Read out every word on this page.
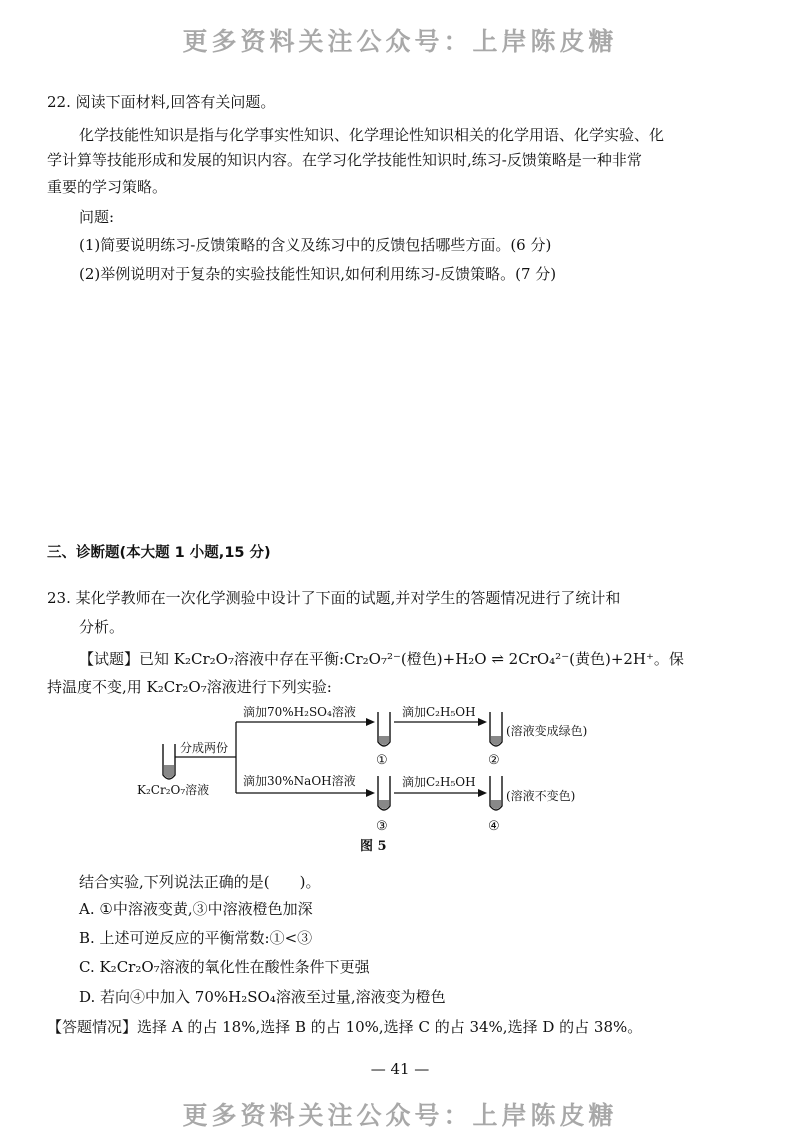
更多资料关注公众号：上岸陈皮糖
22. 阅读下面材料,回答有关问题。
化学技能性知识是指与化学事实性知识、化学理论性知识相关的化学用语、化学实验、化
学计算等技能形成和发展的知识内容。在学习化学技能性知识时,练习-反馈策略是一种非常
重要的学习策略。
问题:
(1)简要说明练习-反馈策略的含义及练习中的反馈包括哪些方面。(6 分)
(2)举例说明对于复杂的实验技能性知识,如何利用练习-反馈策略。(7 分)
三、诊断题(本大题 1 小题,15 分)
23. 某化学教师在一次化学测验中设计了下面的试题,并对学生的答题情况进行了统计和
分析。
【试题】已知 K₂Cr₂O₇溶液中存在平衡:Cr₂O₇²⁻(橙色)+H₂O ⇌ 2CrO₄²⁻(黄色)+2H⁺。保
持温度不变,用 K₂Cr₂O₇溶液进行下列实验:
K₂Cr₂O₇溶液
分成两份
滴加70%H₂SO₄溶液
①
滴加C₂H₅OH
②
(溶液变成绿色)
滴加30%NaOH溶液
③
滴加C₂H₅OH
④
(溶液不变色)
图 5
结合实验,下列说法正确的是(　　)。
A. ①中溶液变黄,③中溶液橙色加深
B. 上述可逆反应的平衡常数:①<③
C. K₂Cr₂O₇溶液的氧化性在酸性条件下更强
D. 若向④中加入 70%H₂SO₄溶液至过量,溶液变为橙色
【答题情况】选择 A 的占 18%,选择 B 的占 10%,选择 C 的占 34%,选择 D 的占 38%。
— 41 —
更多资料关注公众号：上岸陈皮糖
